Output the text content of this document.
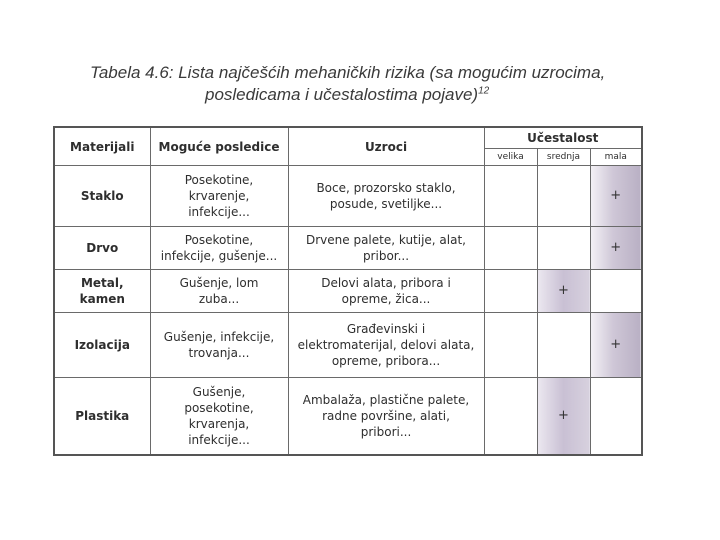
Tabela 4.6: Lista najčešćih mehaničkih rizika (sa mogućim uzrocima,
posledicama i učestalostima pojave)$^{12}$
Materijali	Moguće posledice	Uzroci	Učestalost		
			velika	srednja	mala
Staklo	Posekotine,
krvarenje,
infekcije...	Boce, prozorsko staklo,
posude, svetiljke...			+
Drvo	Posekotine,
infekcije, gušenje...	Drvene palete, kutije, alat,
pribor...			+
Metal,
kamen	Gušenje, lom
zuba...	Delovi alata, pribora i
opreme, žica...		+	
Izolacija	Gušenje, infekcije,
trovanja...	Građevinski i
elektromaterijal, delovi alata,
opreme, pribora...			+
Plastika	Gušenje,
posekotine,
krvarenja,
infekcije...	Ambalaža, plastične palete,
radne površine, alati,
pribori...		+	
